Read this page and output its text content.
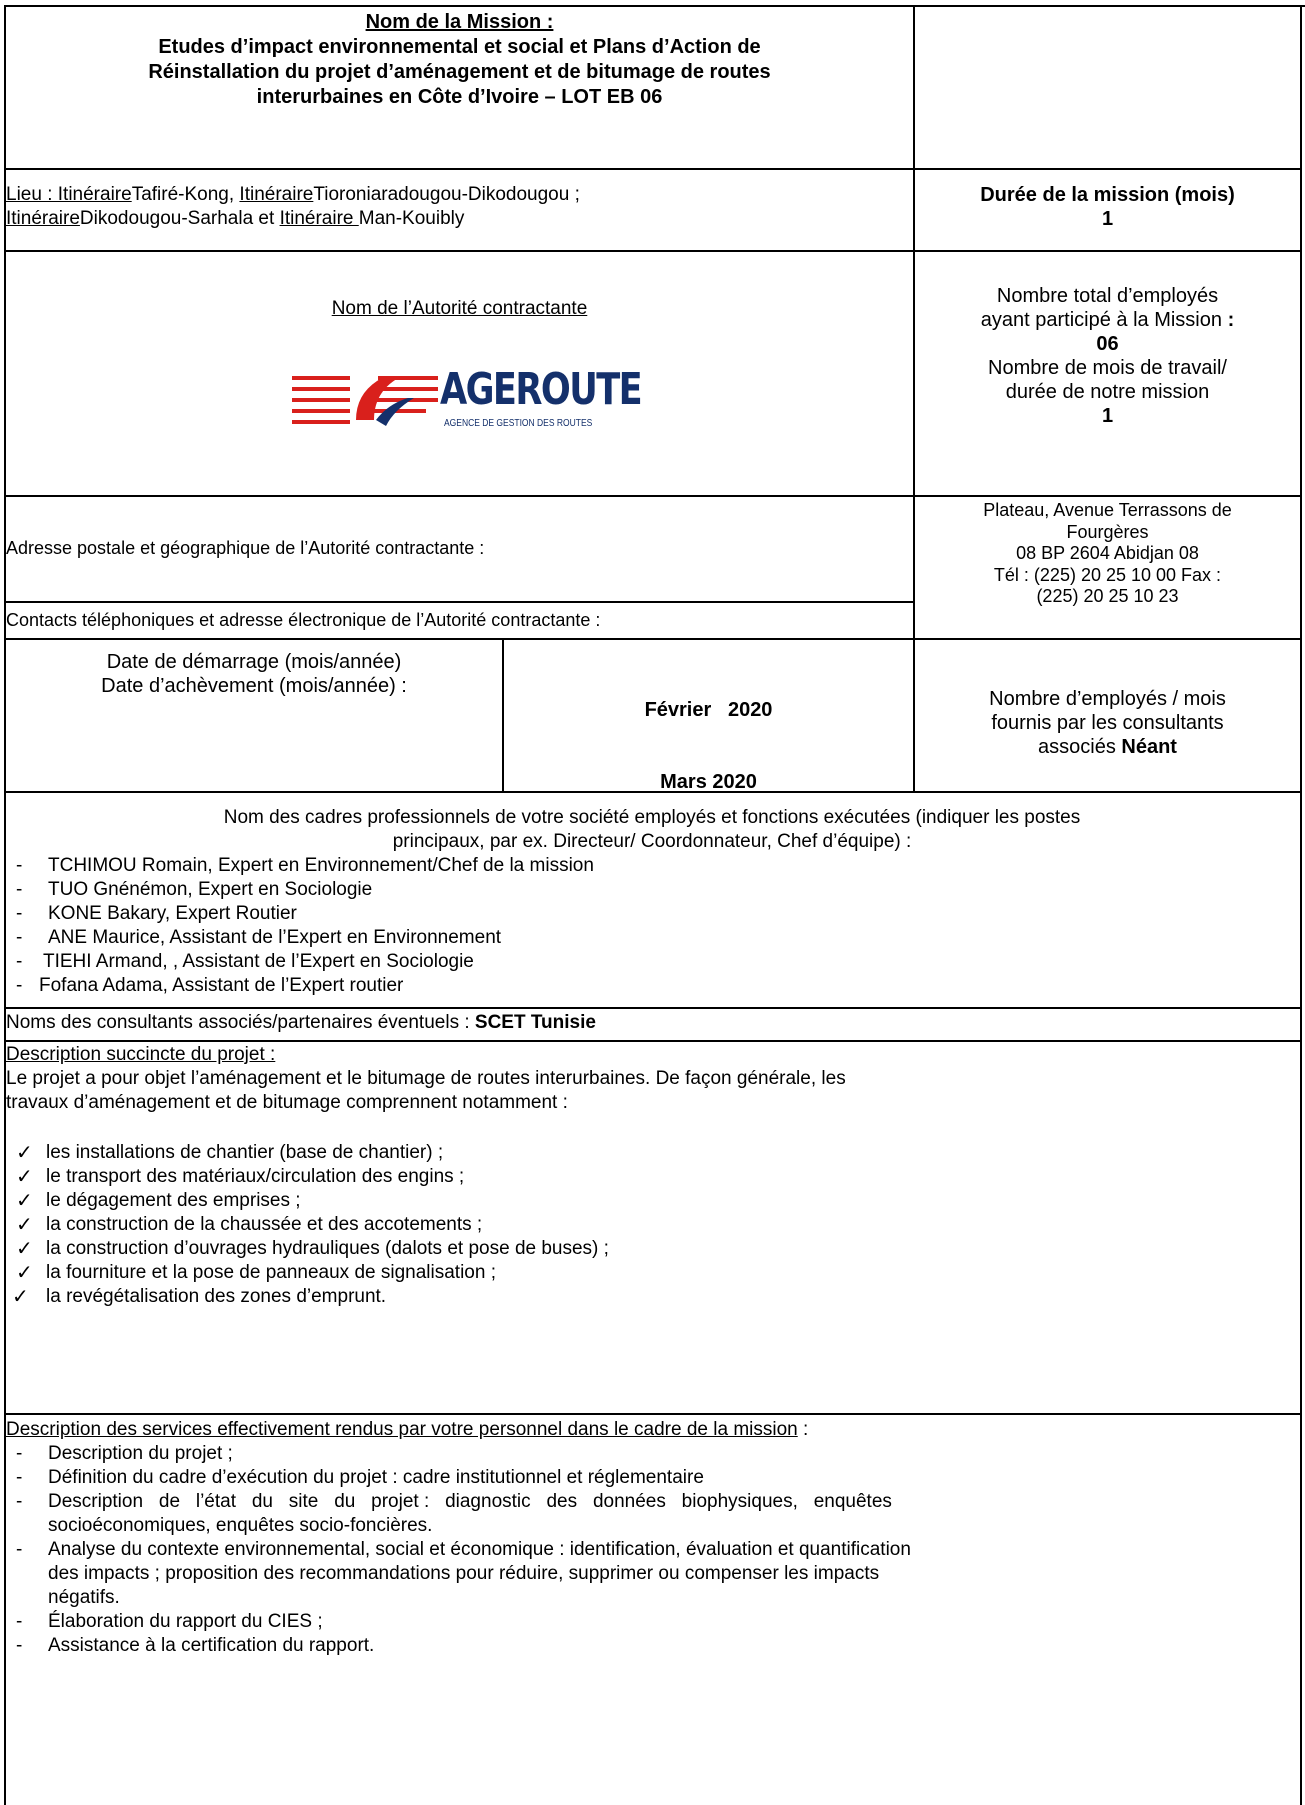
Nom de la Mission :
Etudes d’impact environnemental et social et Plans d’Action de
Réinstallation du projet d’aménagement et de bitumage de routes
interurbaines en Côte d’Ivoire – LOT EB 06
Lieu : ItinéraireTafiré-Kong, ItinéraireTioroniaradougou-Dikodougou ;
ItinéraireDikodougou-Sarhala et Itinéraire Man-Kouibly
Durée de la mission (mois)
1
Nom de l’Autorité contractante
AGEROUTE
AGENCE DE GESTION DES ROUTES
Nombre total d’employés
ayant participé à la Mission :
06
Nombre de mois de travail/
durée de notre mission
1
Adresse postale et géographique de l’Autorité contractante :
Contacts téléphoniques et adresse électronique de l’Autorité contractante :
Plateau, Avenue Terrassons de
Fourgères
08 BP 2604 Abidjan 08
Tél : (225) 20 25 10 00 Fax :
(225) 20 25 10 23
Date de démarrage (mois/année)
Date d’achèvement (mois/année) :

Février   2020

Mars 2020

Nombre d’employés / mois
fournis par les consultants
associés Néant
Nom des cadres professionnels de votre société employés et fonctions exécutées (indiquer les postes
principaux, par ex. Directeur/ Coordonnateur, Chef d’équipe) :
- TCHIMOU Romain, Expert en Environnement/Chef de la mission
- TUO Gnénémon, Expert en Sociologie
- KONE Bakary, Expert Routier
- ANE Maurice, Assistant de l’Expert en Environnement
- TIEHI Armand, , Assistant de l’Expert en Sociologie
- Fofana Adama, Assistant de l’Expert routier
Noms des consultants associés/partenaires éventuels : SCET Tunisie
Description succincte du projet :
Le projet a pour objet l’aménagement et le bitumage de routes interurbaines. De façon générale, les
travaux d’aménagement et de bitumage comprennent notamment :
✓ les installations de chantier (base de chantier) ;
✓ le transport des matériaux/circulation des engins ;
✓ le dégagement des emprises ;
✓ la construction de la chaussée et des accotements ;
✓ la construction d’ouvrages hydrauliques (dalots et pose de buses) ;
✓ la fourniture et la pose de panneaux de signalisation ;
✓ la revégétalisation des zones d’emprunt.
Description des services effectivement rendus par votre personnel dans le cadre de la mission :
- Description du projet ;
- Définition du cadre d’exécution du projet : cadre institutionnel et réglementaire
- Description   de   l’état   du   site   du   projet :   diagnostic   des   données   biophysiques,   enquêtes
socioéconomiques, enquêtes socio-foncières.
- Analyse du contexte environnemental, social et économique : identification, évaluation et quantification
des impacts ; proposition des recommandations pour réduire, supprimer ou compenser les impacts
négatifs.
- Élaboration du rapport du CIES ;
- Assistance à la certification du rapport.
